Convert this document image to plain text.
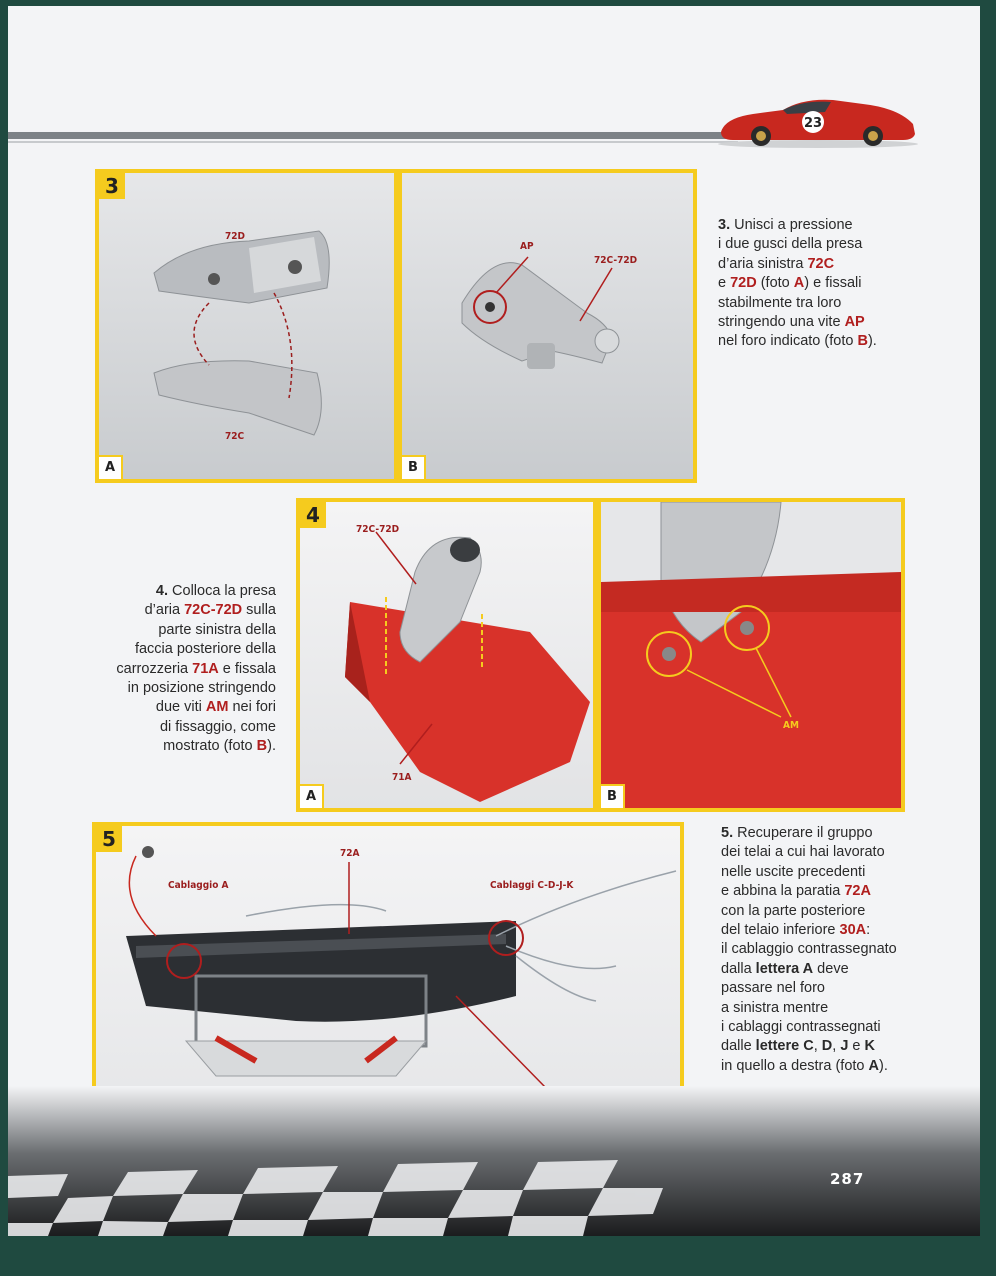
23
72D
72C
3
A
AP
72C-72D
B
3. Unisci a pressione
i due gusci della presa
d’aria sinistra 72C
e 72D (foto A) e fissali
stabilmente tra loro
stringendo una vite AP
nel foro indicato (foto B).
72C-72D
71A
4
A
AM
B
4. Colloca la presa
d’aria 72C-72D sulla
parte sinistra della
faccia posteriore della
carrozzeria 71A e fissala
in posizione stringendo
due viti AM nei fori
di fissaggio, come
mostrato (foto B).
Cablaggio A
72A
Cablaggi C-D-J-K
5	5. Recuperare il gruppo
dei telai a cui hai lavorato
nelle uscite precedenti
e abbina la paratia 72A
con la parte posteriore
del telaio inferiore 30A:
il cablaggio contrassegnato
dalla lettera A deve
passare nel foro
a sinistra mentre
i cablaggi contrassegnati
dalle lettere C, D, J e K
in quello a destra (foto A).
287
